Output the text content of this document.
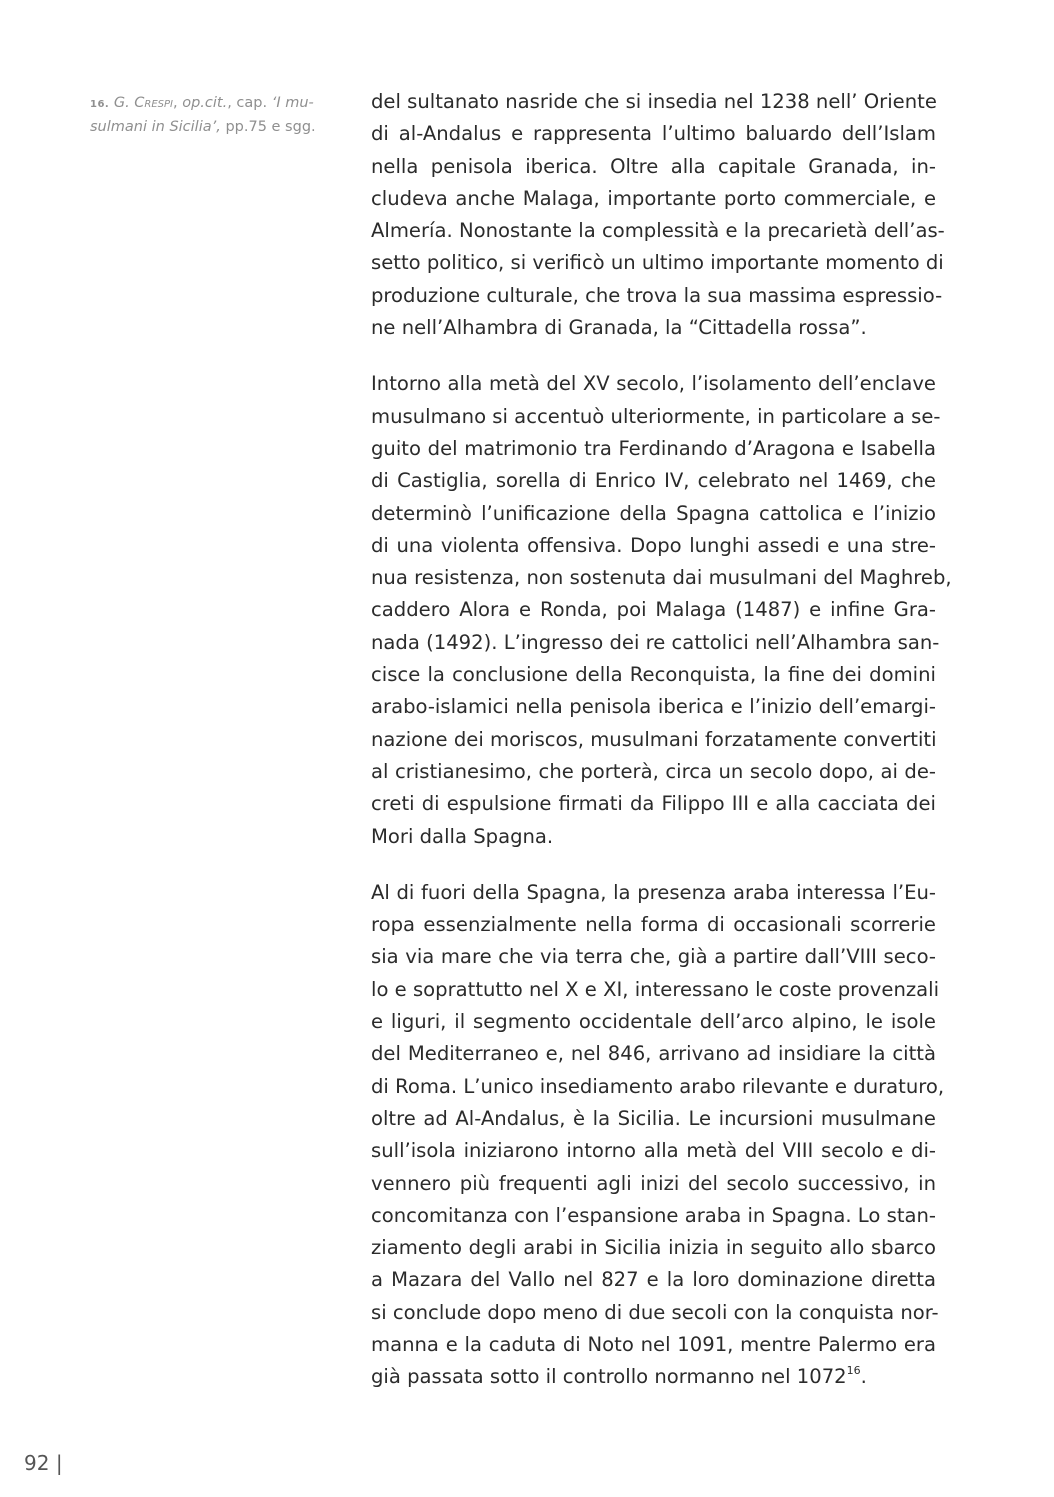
16. G. Crespi, op.cit., cap. ‘I mu-
sulmani in Sicilia’, pp.75 e sgg.

del sultanato nasride che si insedia nel 1238 nell’ Oriente
di al-Andalus e rappresenta l’ultimo baluardo dell’Islam
nella penisola iberica. Oltre alla capitale Granada, in-
cludeva anche Malaga, importante porto commerciale, e
Almería. Nonostante la complessità e la precarietà dell’as-
setto politico, si verificò un ultimo importante momento di
produzione culturale, che trova la sua massima espressio-
ne nell’Alhambra di Granada, la “Cittadella rossa”.

Intorno alla metà del XV secolo, l’isolamento dell’enclave
musulmano si accentuò ulteriormente, in particolare a se-
guito del matrimonio tra Ferdinando d’Aragona e Isabella
di Castiglia, sorella di Enrico IV, celebrato nel 1469, che
determinò l’unificazione della Spagna cattolica e l’inizio
di una violenta offensiva. Dopo lunghi assedi e una stre-
nua resistenza, non sostenuta dai musulmani del Maghreb,
caddero Alora e Ronda, poi Malaga (1487) e infine Gra-
nada (1492). L’ingresso dei re cattolici nell’Alhambra san-
cisce la conclusione della Reconquista, la fine dei domini
arabo-islamici nella penisola iberica e l’inizio dell’emargi-
nazione dei moriscos, musulmani forzatamente convertiti
al cristianesimo, che porterà, circa un secolo dopo, ai de-
creti di espulsione firmati da Filippo III e alla cacciata dei
Mori dalla Spagna.

Al di fuori della Spagna, la presenza araba interessa l’Eu-
ropa essenzialmente nella forma di occasionali scorrerie
sia via mare che via terra che, già a partire dall’VIII seco-
lo e soprattutto nel X e XI, interessano le coste provenzali
e liguri, il segmento occidentale dell’arco alpino, le isole
del Mediterraneo e, nel 846, arrivano ad insidiare la città
di Roma. L’unico insediamento arabo rilevante e duraturo,
oltre ad Al-Andalus, è la Sicilia. Le incursioni musulmane
sull’isola iniziarono intorno alla metà del VIII secolo e di-
vennero più frequenti agli inizi del secolo successivo, in
concomitanza con l’espansione araba in Spagna. Lo stan-
ziamento degli arabi in Sicilia inizia in seguito allo sbarco
a Mazara del Vallo nel 827 e la loro dominazione diretta
si conclude dopo meno di due secoli con la conquista nor-
manna e la caduta di Noto nel 1091, mentre Palermo era
già passata sotto il controllo normanno nel 1072$^{16}$.

92 |
